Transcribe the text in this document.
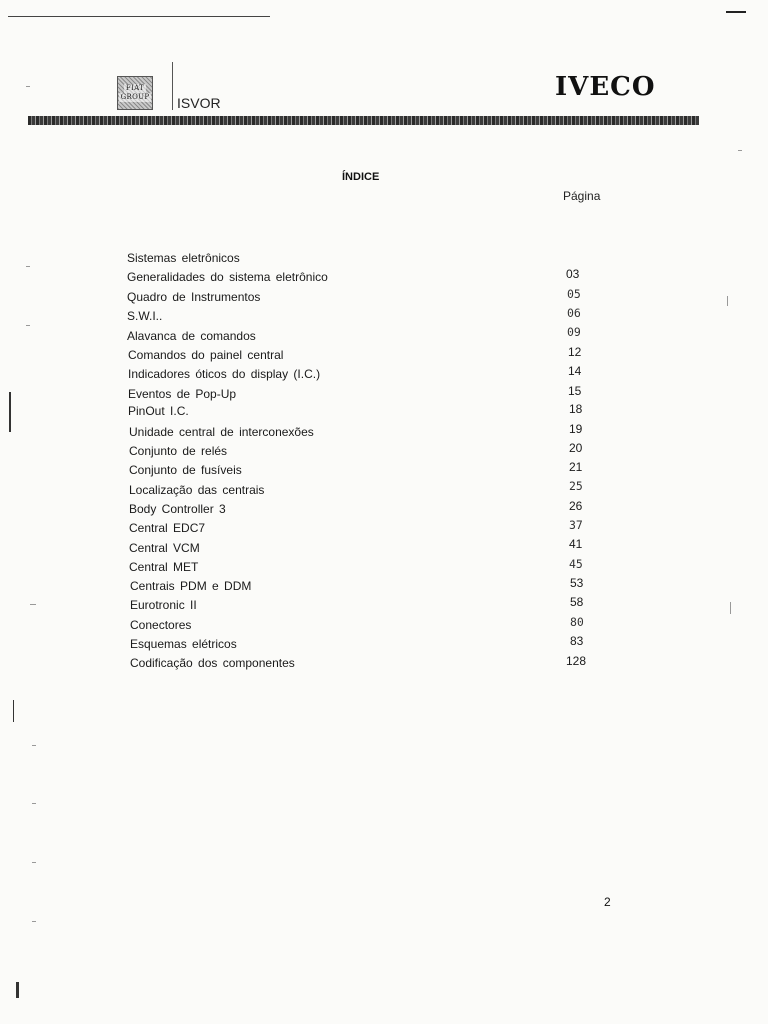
FIAT
GROUP ISVOR
IVECO
ÍNDICE
Página
Sistemas eletrônicos
Generalidades do sistema eletrônico	03
Quadro de Instrumentos	05
S.W.I..	06
Alavanca de comandos	09
Comandos do painel central	12
Indicadores óticos do display (I.C.)	14
Eventos de Pop-Up	15
PinOut I.C.	18
Unidade central de interconexões	19
Conjunto de relés	20
Conjunto de fusíveis	21
Localização das centrais	25
Body Controller 3	26
Central EDC7	37
Central VCM	41
Central MET	45
Centrais PDM e DDM	53
Eurotronic II	58
Conectores	80
Esquemas elétricos	83
Codificação dos componentes	128
2
